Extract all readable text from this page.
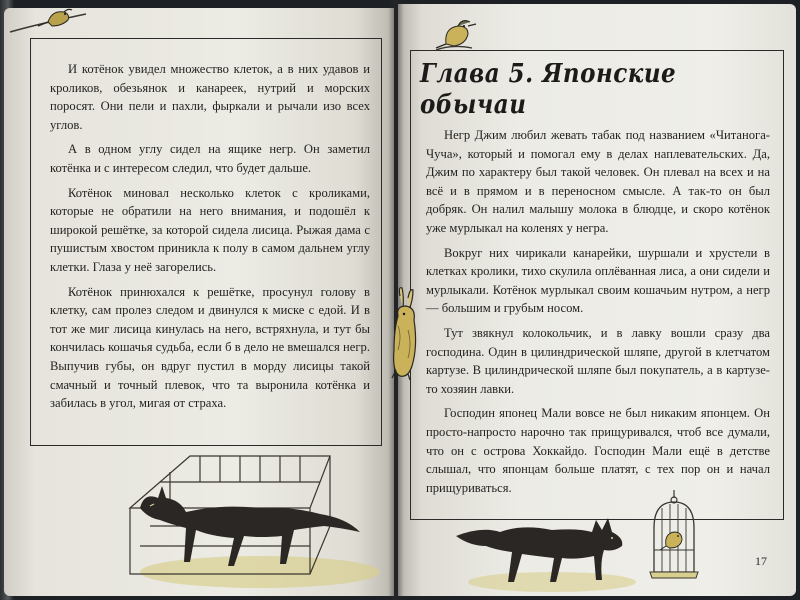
Глава 5. Японские обычаи

И котёнок увидел множество клеток, а в них удавов и кроликов, обезьянок и канареек, нутрий и морских поросят. Они пели и пахли, фыркали и рычали изо всех углов.

А в одном углу сидел на ящике негр. Он заметил котёнка и с интересом следил, что будет дальше.

Котёнок миновал несколько клеток с кроликами, которые не обратили на него внимания, и подошёл к широкой решётке, за которой сидела лисица. Рыжая дама с пушистым хвостом приникла к полу в самом дальнем углу клетки. Глаза у неё загорелись.

Котёнок принюхался к решётке, просунул голову в клетку, сам пролез следом и двинулся к миске с едой. И в тот же миг лисица кинулась на него, встряхнула, и тут бы кончилась кошачья судьба, если б в дело не вмешался негр. Выпучив губы, он вдруг пустил в морду лисицы такой смачный и точный плевок, что та выронила котёнка и забилась в угол, мигая от страха.

Негр Джим любил жевать табак под названием «Читанога-Чуча», который и помогал ему в делах наплевательских. Да, Джим по характеру был такой человек. Он плевал на всех и на всё и в прямом и в переносном смысле. А так-то он был добряк. Он налил малышу молока в блюдце, и скоро котёнок уже мурлыкал на коленях у негра.

Вокруг них чирикали канарейки, шуршали и хрустели в клетках кролики, тихо скулила оплёванная лиса, а они сидели и мурлыкали. Котёнок мурлыкал своим кошачьим нутром, а негр — большим и грубым носом.

Тут звякнул колокольчик, и в лавку вошли сразу два господина. Один в цилиндрической шляпе, другой в клетчатом картузе. В цилиндрической шляпе был покупатель, а в картузе-то хозяин лавки.

Господин японец Мали вовсе не был никаким японцем. Он просто-напросто нарочно так прищуривался, чтоб все думали, что он с острова Хоккайдо. Господин Мали ещё в детстве слышал, что японцам больше платят, с тех пор он и начал прищуриваться.

17
